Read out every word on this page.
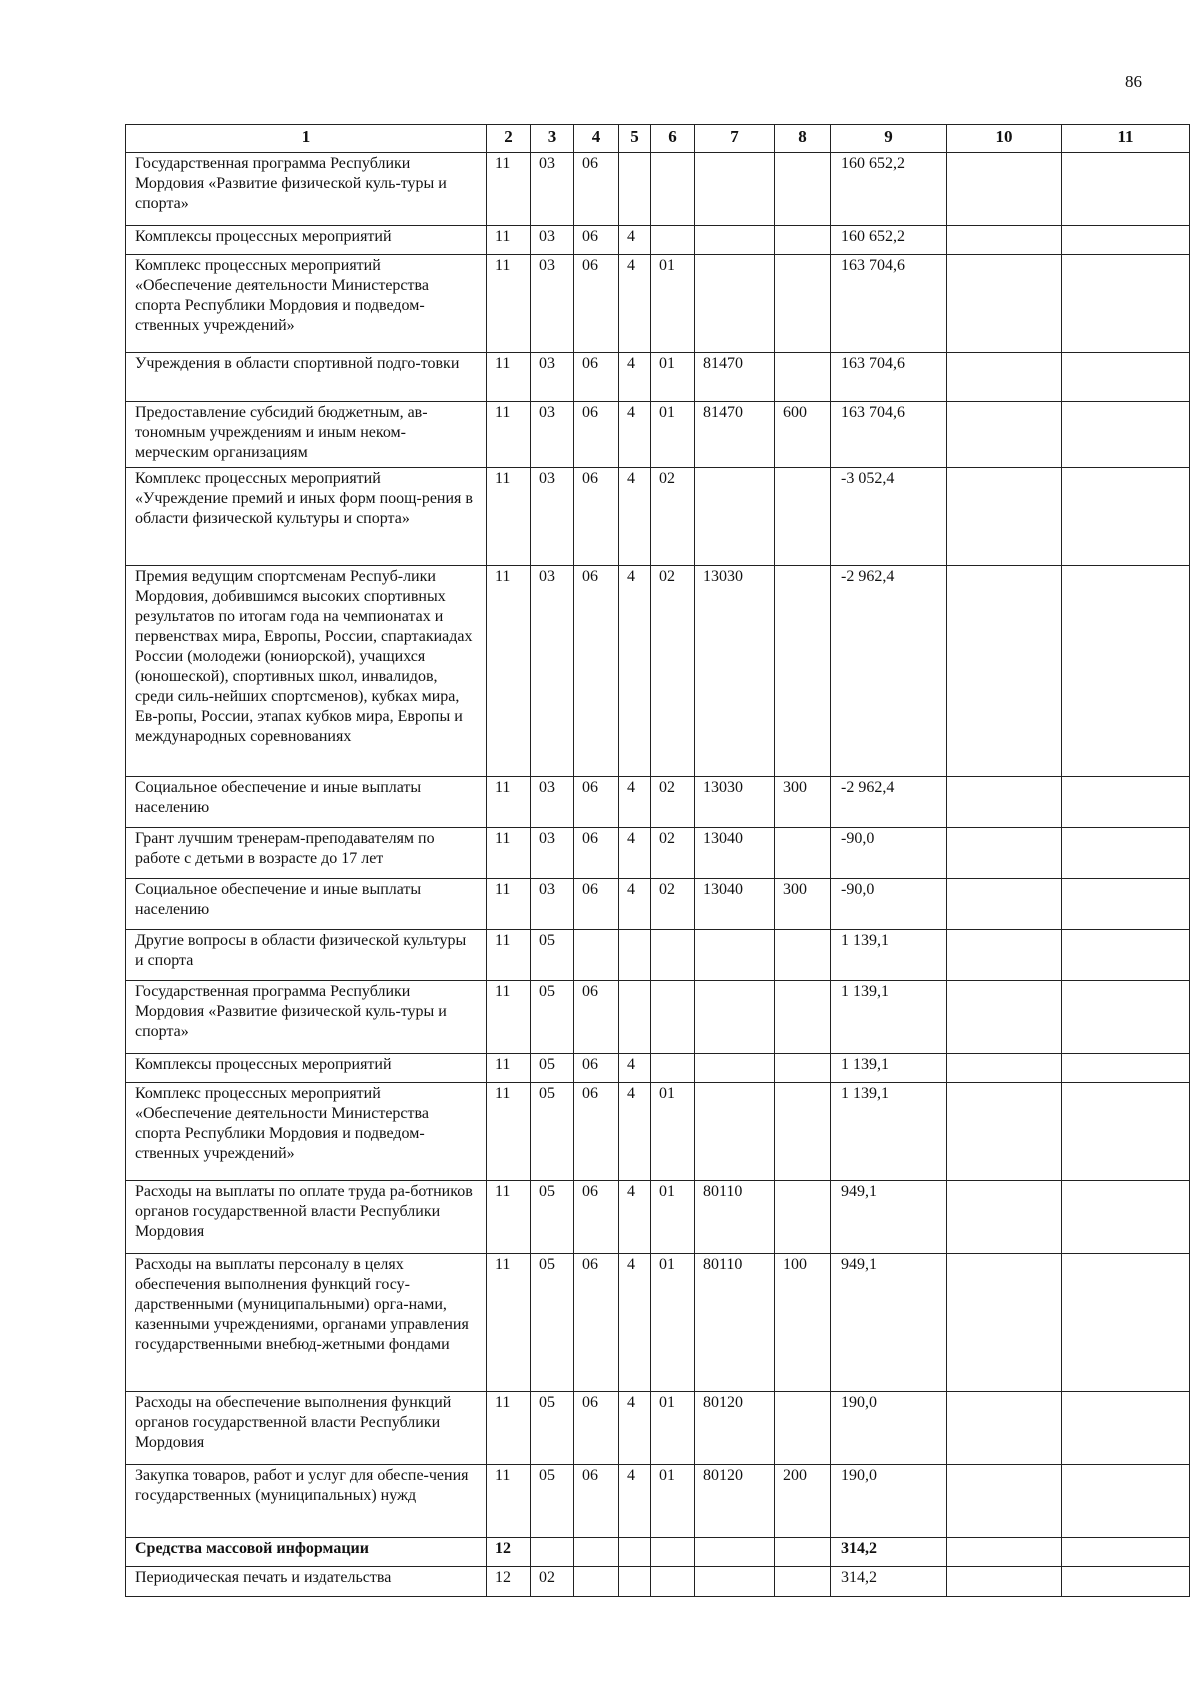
86
1	2	3	4	5	6	7	8	9	10	11
Государственная программа Республики Мордовия «Развитие физической куль-туры и спорта»	11	03	06					160 652,2		
Комплексы процессных мероприятий	11	03	06	4				160 652,2		
Комплекс процессных мероприятий «Обеспечение деятельности Министерства спорта Республики Мордовия и подведом-ственных учреждений»	11	03	06	4	01			163 704,6		
Учреждения в области спортивной подго-товки	11	03	06	4	01	81470		163 704,6		
Предоставление субсидий бюджетным, ав-тономным учреждениям и иным неком-мерческим организациям	11	03	06	4	01	81470	600	163 704,6		
Комплекс процессных мероприятий «Учреждение премий и иных форм поощ-рения в области физической культуры и спорта»	11	03	06	4	02			-3 052,4		
Премия ведущим спортсменам Респуб-лики Мордовия, добившимся высоких спортивных результатов по итогам года на чемпионатах и первенствах мира, Европы, России, спартакиадах России (молодежи (юниорской), учащихся (юношеской), спортивных школ, инвалидов, среди силь-нейших спортсменов), кубках мира, Ев-ропы, России, этапах кубков мира, Европы и международных соревнованиях	11	03	06	4	02	13030		-2 962,4		
Социальное обеспечение и иные выплаты населению	11	03	06	4	02	13030	300	-2 962,4		
Грант лучшим тренерам-преподавателям по работе с детьми в возрасте до 17 лет	11	03	06	4	02	13040		-90,0		
Социальное обеспечение и иные выплаты населению	11	03	06	4	02	13040	300	-90,0		
Другие вопросы в области физической культуры и спорта	11	05						1 139,1		
Государственная программа Республики Мордовия «Развитие физической куль-туры и спорта»	11	05	06					1 139,1		
Комплексы процессных мероприятий	11	05	06	4				1 139,1		
Комплекс процессных мероприятий «Обеспечение деятельности Министерства спорта Республики Мордовия и подведом-ственных учреждений»	11	05	06	4	01			1 139,1		
Расходы на выплаты по оплате труда ра-ботников органов государственной власти Республики Мордовия	11	05	06	4	01	80110		949,1		
Расходы на выплаты персоналу в целях обеспечения выполнения функций госу-дарственными (муниципальными) орга-нами, казенными учреждениями, органами управления государственными внебюд-жетными фондами	11	05	06	4	01	80110	100	949,1		
Расходы на обеспечение выполнения функций органов государственной власти Республики Мордовия	11	05	06	4	01	80120		190,0		
Закупка товаров, работ и услуг для обеспе-чения государственных (муниципальных) нужд	11	05	06	4	01	80120	200	190,0		
Средства массовой информации	12							314,2		
Периодическая печать и издательства	12	02						314,2		
